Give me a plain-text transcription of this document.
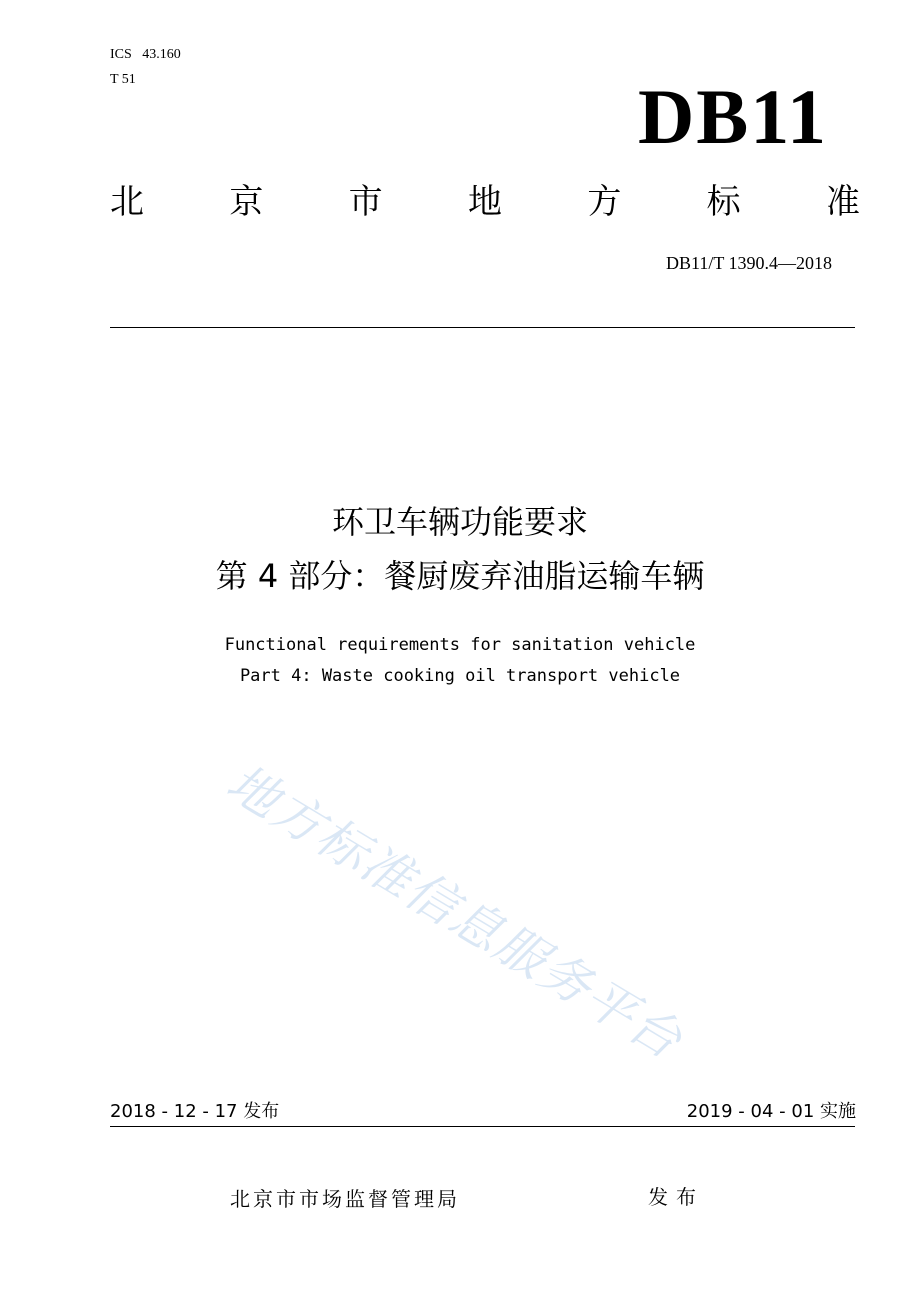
ICS   43.160
T 51	DB11
北	京	市	地	方	标	准
DB11/T 1390.4—2018
环卫车辆功能要求
第 4 部分：餐厨废弃油脂运输车辆
Functional requirements for sanitation vehicle
Part 4: Waste cooking oil transport vehicle
地方标准信息服务平台
2018 - 12 - 17 发布	2019 - 04 - 01 实施
北京市市场监督管理局	发布
